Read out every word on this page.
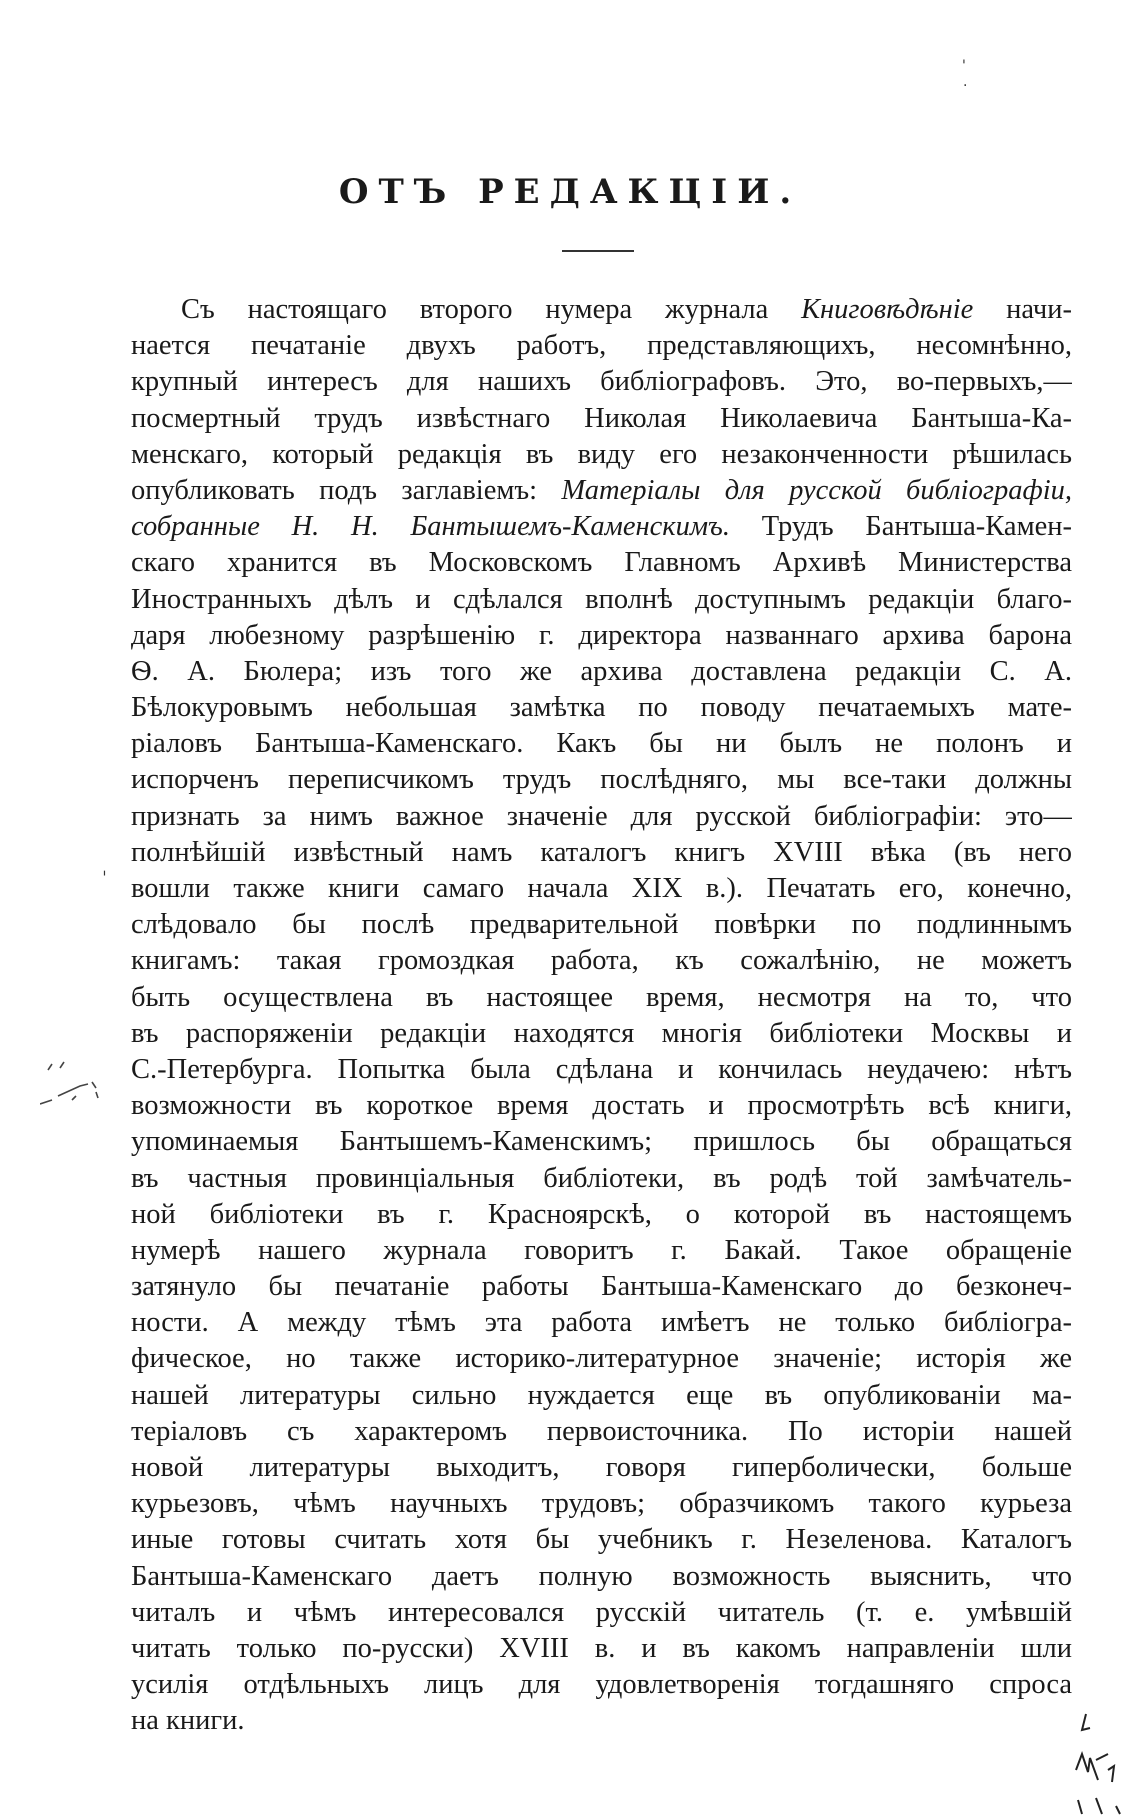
ОТЪ РЕДАКЦІИ.
Съ настоящаго второго нумера журнала Книговѣдѣніе начи-
нается печатаніе двухъ работъ, представляющихъ, несомнѣнно,
крупный интересъ для нашихъ библіографовъ. Это, во-первыхъ,—
посмертный трудъ извѣстнаго Николая Николаевича Бантыша-Ка-
менскаго, который редакція въ виду его незаконченности рѣшилась
опубликовать подъ заглавіемъ: Матеріалы для русской библіографіи,
собранные Н. Н. Бантышемъ-Каменскимъ. Трудъ Бантыша-Камен-
скаго хранится въ Московскомъ Главномъ Архивѣ Министерства
Иностранныхъ дѣлъ и сдѣлался вполнѣ доступнымъ редакціи благо-
даря любезному разрѣшенію г. директора названнаго архива барона
Ѳ. А. Бюлера; изъ того же архива доставлена редакціи С. А.
Бѣлокуровымъ небольшая замѣтка по поводу печатаемыхъ мате-
ріаловъ Бантыша-Каменскаго. Какъ бы ни былъ не полонъ и
испорченъ переписчикомъ трудъ послѣдняго, мы все-таки должны
признать за нимъ важное значеніе для русской библіографіи: это—
полнѣйшій извѣстный намъ каталогъ книгъ XVIII вѣка (въ него
вошли также книги самаго начала XIX в.). Печатать его, конечно,
слѣдовало бы послѣ предварительной повѣрки по подлиннымъ
книгамъ: такая громоздкая работа, къ сожалѣнію, не можетъ
быть осуществлена въ настоящее время, несмотря на то, что
въ распоряженіи редакціи находятся многія библіотеки Москвы и
С.-Петербурга. Попытка была сдѣлана и кончилась неудачею: нѣтъ
возможности въ короткое время достать и просмотрѣть всѣ книги,
упоминаемыя Бантышемъ-Каменскимъ; пришлось бы обращаться
въ частныя провинціальныя библіотеки, въ родѣ той замѣчатель-
ной библіотеки въ г. Красноярскѣ, о которой въ настоящемъ
нумерѣ нашего журнала говоритъ г. Бакай. Такое обращеніе
затянуло бы печатаніе работы Бантыша-Каменскаго до безконеч-
ности. А между тѣмъ эта работа имѣетъ не только библіогра-
фическое, но также историко-литературное значеніе; исторія же
нашей литературы сильно нуждается еще въ опубликованіи ма-
теріаловъ съ характеромъ первоисточника. По исторіи нашей
новой литературы выходитъ, говоря гиперболически, больше
курьезовъ, чѣмъ научныхъ трудовъ; образчикомъ такого курьеза
иные готовы считать хотя бы учебникъ г. Незеленова. Каталогъ
Бантыша-Каменскаго даетъ полную возможность выяснить, что
читалъ и чѣмъ интересовался русскій читатель (т. е. умѣвшій
читать только по-русски) XVIII в. и въ какомъ направленіи шли
усилія отдѣльныхъ лицъ для удовлетворенія тогдашняго спроса
на книги.
'
·
ˈ
